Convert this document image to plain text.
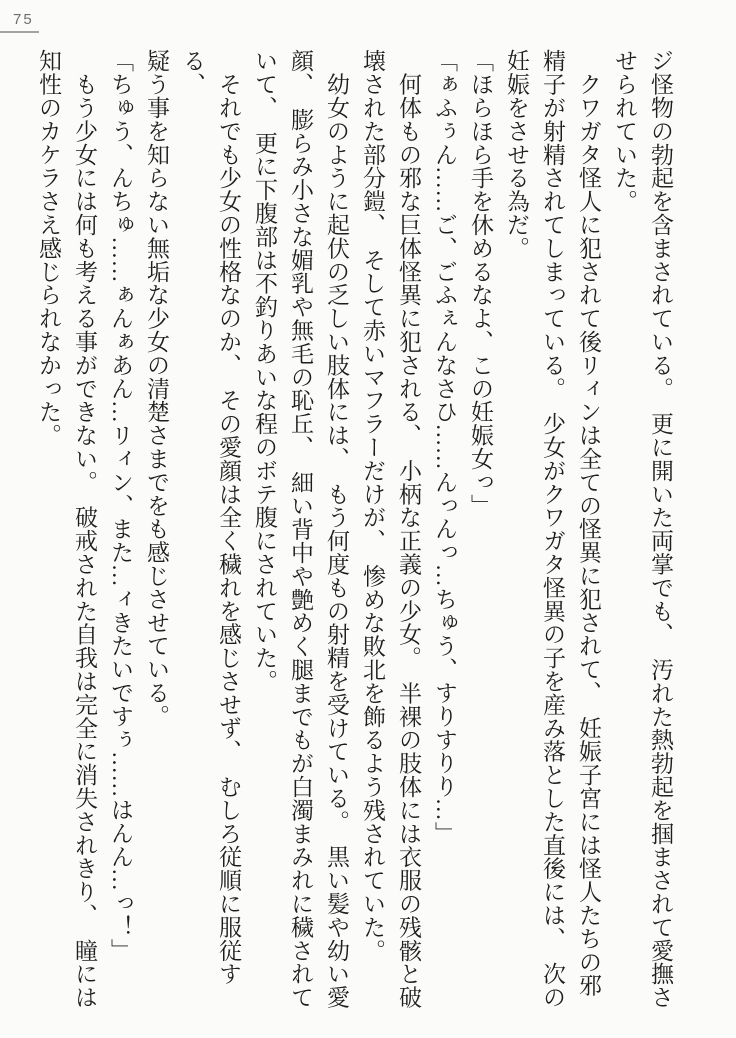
75
ジ怪物の勃起を含まされている。　更に開いた両掌でも、　汚れた熱勃起を掴まされて愛撫さ
せられていた。
　クワガタ怪人に犯されて後リィンは全ての怪異に犯されて、　妊娠子宮には怪人たちの邪
精子が射精されてしまっている。　少女がクワガタ怪異の子を産み落とした直後には、　次の
妊娠をさせる為だ。
「ほらほら手を休めるなよ、この妊娠女っ」
「ぁふぅん……ご、ごふぇんなさひ……んっんっ…ちゅう、すりすりり…」
　何体もの邪な巨体怪異に犯される、　小柄な正義の少女。　半裸の肢体には衣服の残骸と破
壊された部分鎧、　そして赤いマフラーだけが、　惨めな敗北を飾るよう残されていた。
　幼女のように起伏の乏しい肢体には、　もう何度もの射精を受けている。　黒い髪や幼い愛
顔、　膨らみ小さな媚乳や無毛の恥丘、　細い背中や艶めく腿までもが白濁まみれに穢されて
いて、　更に下腹部は不釣りあいな程のボテ腹にされていた。
　それでも少女の性格なのか、　その愛顔は全く穢れを感じさせず、　むしろ従順に服従する、
疑う事を知らない無垢な少女の清楚さまでをも感じさせている。
「ちゅう、んちゅ……ぁんぁあん…リィン、また…ィきたいですぅ……はんん…っ！」
　もう少女には何も考える事ができない。　破戒された自我は完全に消失されきり、　瞳には
知性のカケラさえ感じられなかった。
